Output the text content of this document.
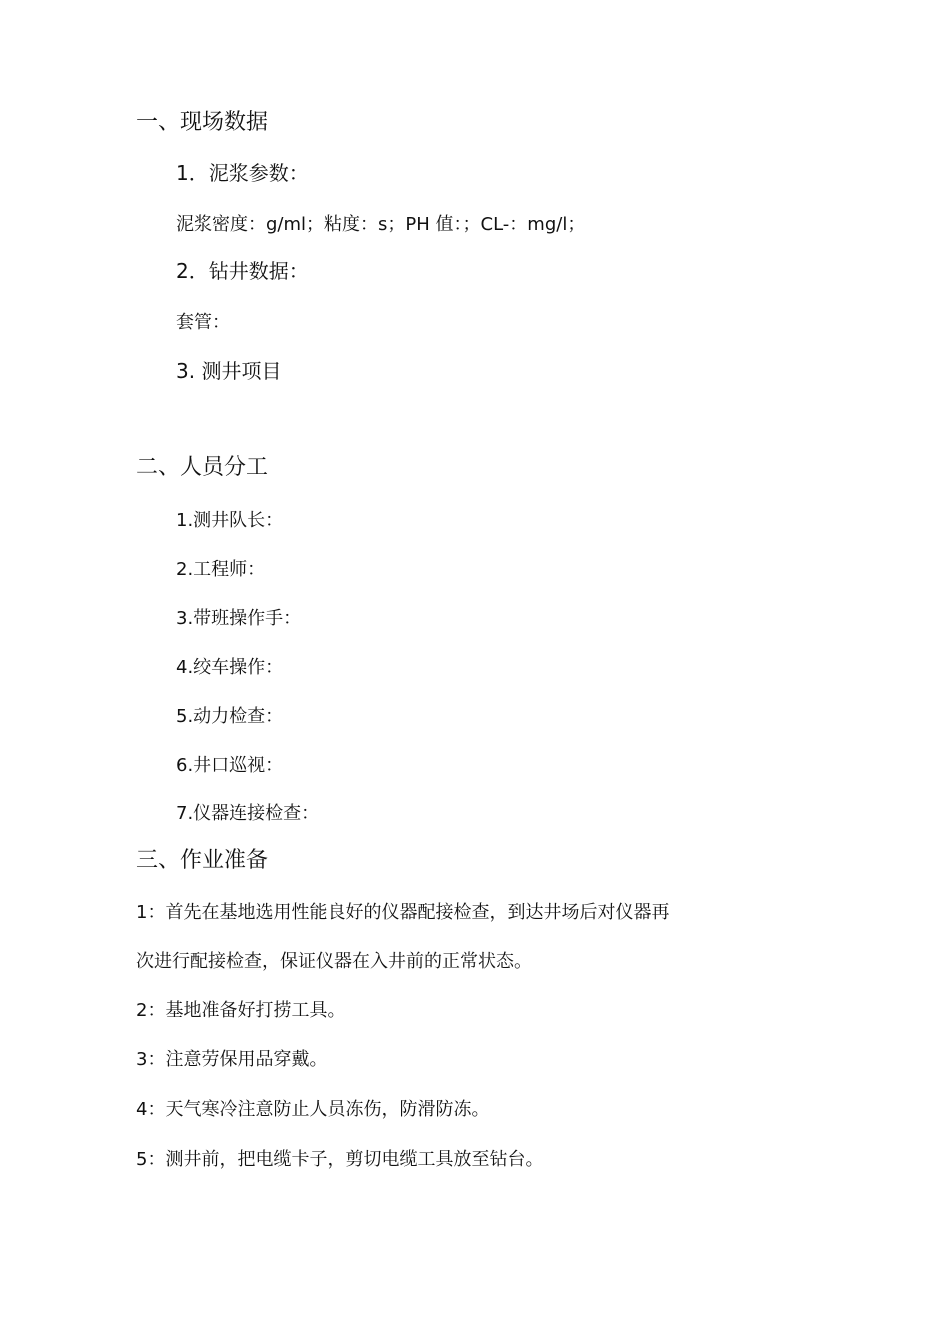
一、现场数据
1．泥浆参数：
泥浆密度：g/ml；粘度：s；PH 值：；CL-：mg/l；
2．钻井数据：
套管：
3. 测井项目
二、人员分工
1.测井队长：
2.工程师：
3.带班操作手：
4.绞车操作：
5.动力检查：
6.井口巡视：
7.仪器连接检查：
三、作业准备
1：首先在基地选用性能良好的仪器配接检查，到达井场后对仪器再
次进行配接检查，保证仪器在入井前的正常状态。
2：基地准备好打捞工具。
3：注意劳保用品穿戴。
4：天气寒冷注意防止人员冻伤，防滑防冻。
5：测井前，把电缆卡子，剪切电缆工具放至钻台。
